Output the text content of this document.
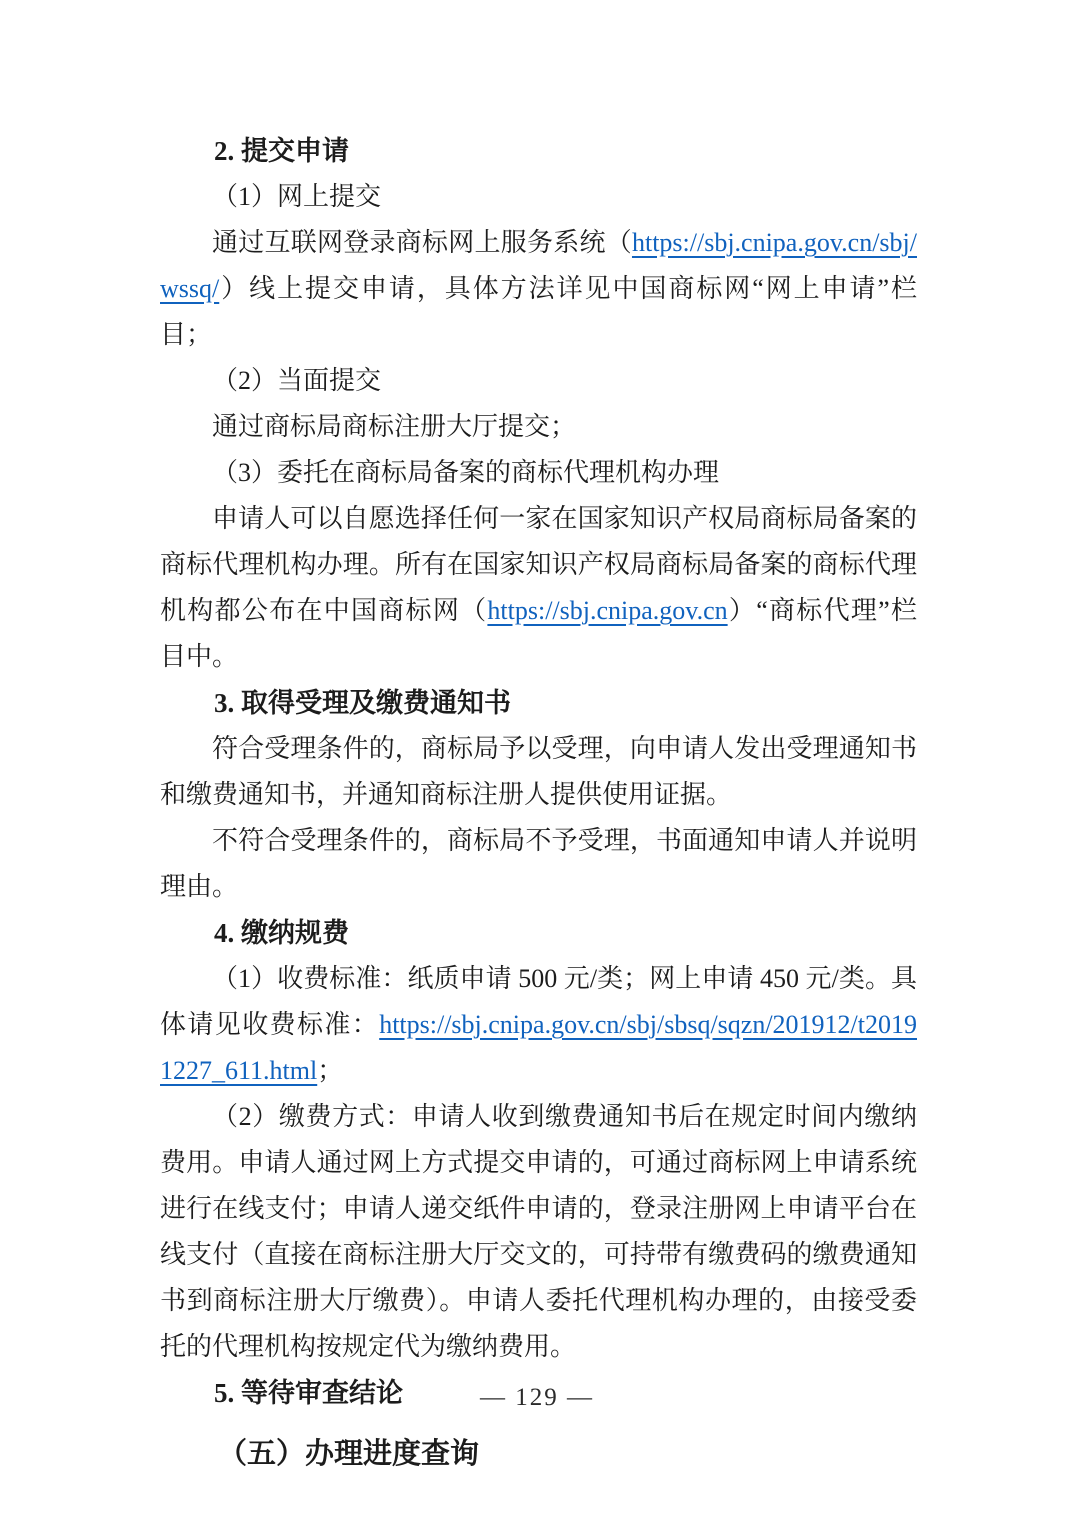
2. 提交申请
（1）网上提交
通过互联网登录商标网上服务系统（https://sbj.cnipa.gov.cn/sbj/wssq/）线上提交申请，具体方法详见中国商标网“网上申请”栏目；
（2）当面提交
通过商标局商标注册大厅提交；
（3）委托在商标局备案的商标代理机构办理
申请人可以自愿选择任何一家在国家知识产权局商标局备案的商标代理机构办理。所有在国家知识产权局商标局备案的商标代理机构都公布在中国商标网（https://sbj.cnipa.gov.cn）“商标代理”栏目中。
3. 取得受理及缴费通知书
符合受理条件的，商标局予以受理，向申请人发出受理通知书和缴费通知书，并通知商标注册人提供使用证据。
不符合受理条件的，商标局不予受理，书面通知申请人并说明理由。
4. 缴纳规费
（1）收费标准：纸质申请 500 元/类；网上申请 450 元/类。具体请见收费标准：https://sbj.cnipa.gov.cn/sbj/sbsq/sqzn/201912/t20191227_611.html；
（2）缴费方式：申请人收到缴费通知书后在规定时间内缴纳费用。申请人通过网上方式提交申请的，可通过商标网上申请系统进行在线支付；申请人递交纸件申请的，登录注册网上申请平台在线支付（直接在商标注册大厅交文的，可持带有缴费码的缴费通知书到商标注册大厅缴费）。申请人委托代理机构办理的，由接受委托的代理机构按规定代为缴纳费用。
5. 等待审查结论
（五）办理进度查询
— 129 —
